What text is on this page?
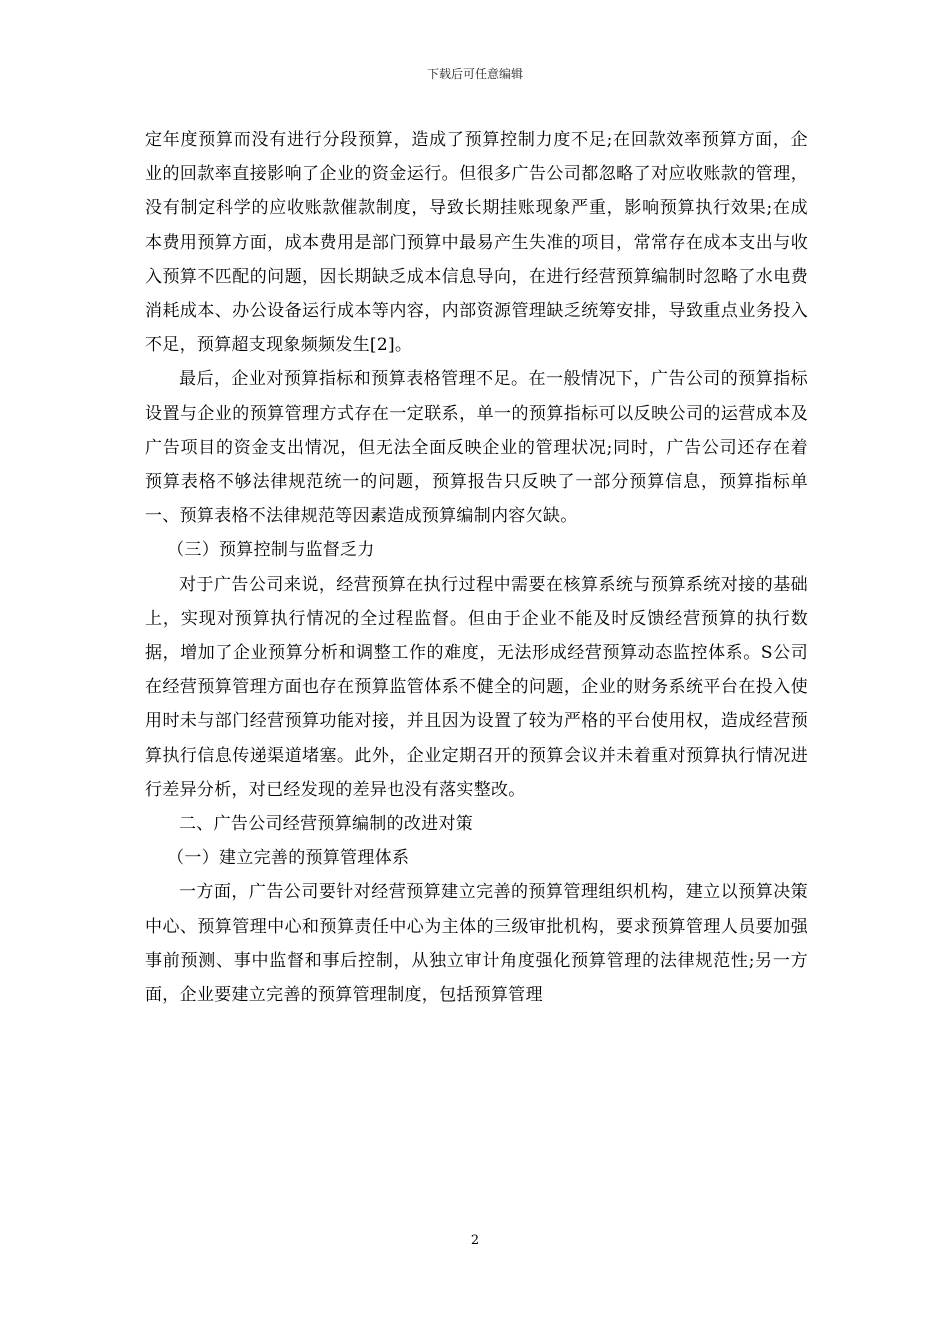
下载后可任意编辑

定年度预算而没有进行分段预算，造成了预算控制力度不足;在回款效率预算方面，企业的回款率直接影响了企业的资金运行。但很多广告公司都忽略了对应收账款的管理，没有制定科学的应收账款催款制度，导致长期挂账现象严重，影响预算执行效果;在成本费用预算方面，成本费用是部门预算中最易产生失准的项目，常常存在成本支出与收入预算不匹配的问题，因长期缺乏成本信息导向，在进行经营预算编制时忽略了水电费消耗成本、办公设备运行成本等内容，内部资源管理缺乏统筹安排，导致重点业务投入不足，预算超支现象频频发生[2]。

最后，企业对预算指标和预算表格管理不足。在一般情况下，广告公司的预算指标设置与企业的预算管理方式存在一定联系，单一的预算指标可以反映公司的运营成本及广告项目的资金支出情况，但无法全面反映企业的管理状况;同时，广告公司还存在着预算表格不够法律规范统一的问题，预算报告只反映了一部分预算信息，预算指标单一、预算表格不法律规范等因素造成预算编制内容欠缺。

（三）预算控制与监督乏力

对于广告公司来说，经营预算在执行过程中需要在核算系统与预算系统对接的基础上，实现对预算执行情况的全过程监督。但由于企业不能及时反馈经营预算的执行数据，增加了企业预算分析和调整工作的难度，无法形成经营预算动态监控体系。S公司在经营预算管理方面也存在预算监管体系不健全的问题，企业的财务系统平台在投入使用时未与部门经营预算功能对接，并且因为设置了较为严格的平台使用权，造成经营预算执行信息传递渠道堵塞。此外，企业定期召开的预算会议并未着重对预算执行情况进行差异分析，对已经发现的差异也没有落实整改。

二、广告公司经营预算编制的改进对策

（一）建立完善的预算管理体系

一方面，广告公司要针对经营预算建立完善的预算管理组织机构，建立以预算决策中心、预算管理中心和预算责任中心为主体的三级审批机构，要求预算管理人员要加强事前预测、事中监督和事后控制，从独立审计角度强化预算管理的法律规范性;另一方面，企业要建立完善的预算管理制度，包括预算管理

2
